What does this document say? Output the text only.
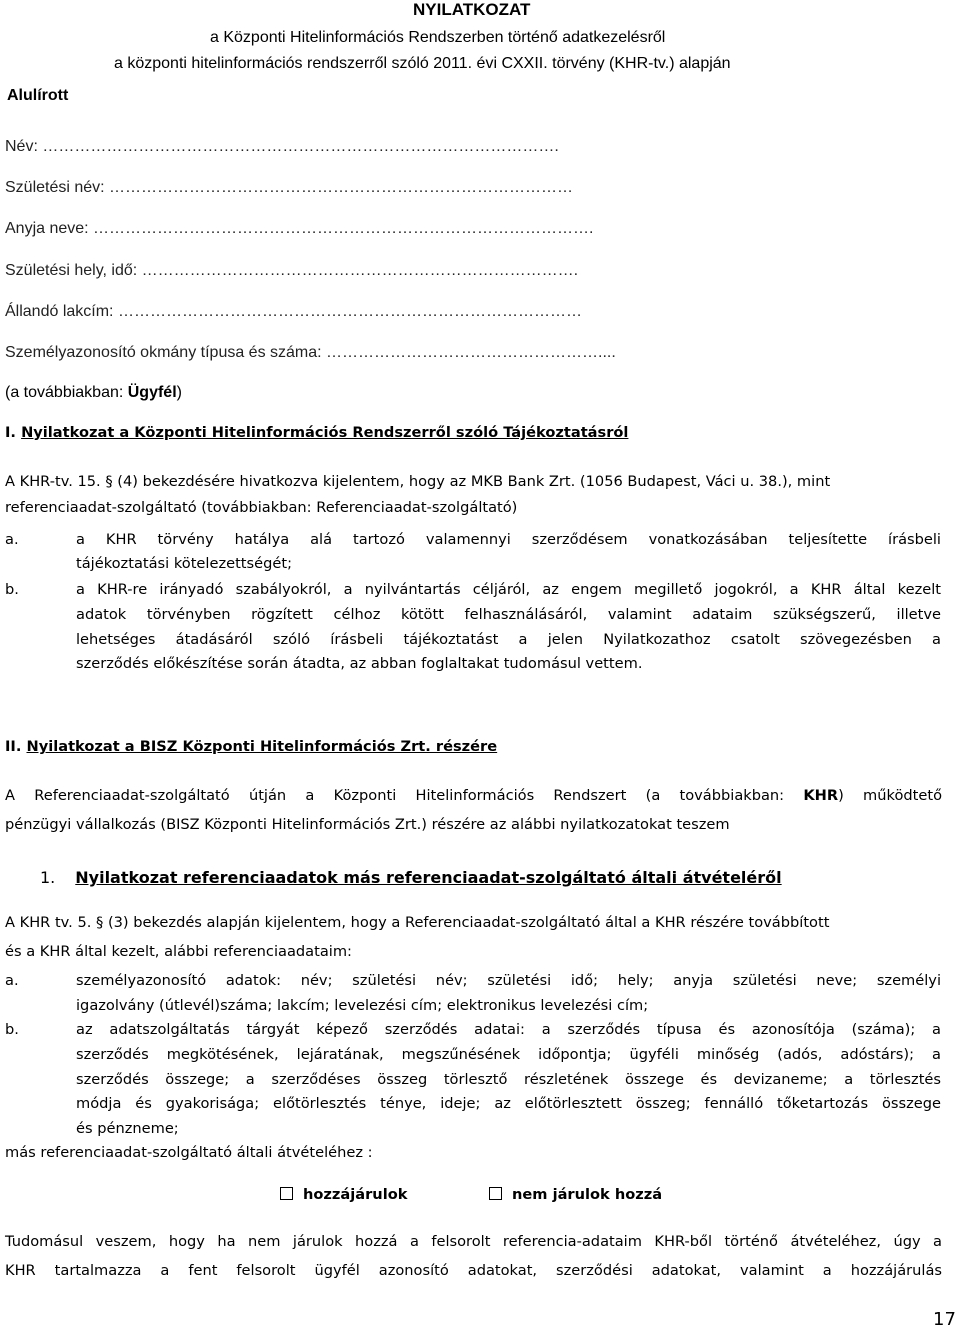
NYILATKOZAT
a Központi Hitelinformációs Rendszerben történő adatkezelésről
a központi hitelinformációs rendszerről szóló 2011. évi CXXII. törvény (KHR-tv.) alapján
Alulírott
Név: …………………………………………………………………………………….
Születési név: ……………………………………………………………………………
Anyja neve: ………………………………………………………………………………….
Születési hely, idő: ……………………………………………………………………….
Állandó lakcím: ……………………………………………………………………………
Személyazonosító okmány típusa és száma: ……………………………………………....
(a továbbiakban: Ügyfél)
I. Nyilatkozat a Központi Hitelinformációs Rendszerről szóló Tájékoztatásról
A KHR-tv. 15. § (4) bekezdésére hivatkozva kijelentem, hogy az MKB Bank Zrt. (1056 Budapest, Váci u. 38.), mint
referenciaadat-szolgáltató (továbbiakban: Referenciaadat-szolgáltató)
a.	a KHR törvény hatálya alá tartozó valamennyi szerződésem vonatkozásában teljesítette írásbeli
tájékoztatási kötelezettségét;
b.	a KHR-re irányadó szabályokról, a nyilvántartás céljáról, az engem megillető jogokról, a KHR által kezelt
adatok törvényben rögzített célhoz kötött felhasználásáról, valamint adataim szükségszerű, illetve
lehetséges átadásáról szóló írásbeli tájékoztatást a jelen Nyilatkozathoz csatolt szövegezésben a
szerződés előkészítése során átadta, az abban foglaltakat tudomásul vettem.
II. Nyilatkozat a BISZ Központi Hitelinformációs Zrt. részére
A Referenciaadat-szolgáltató útján a Központi Hitelinformációs Rendszert (a továbbiakban: KHR) működtető
pénzügyi vállalkozás (BISZ Központi Hitelinformációs Zrt.) részére az alábbi nyilatkozatokat teszem
1. Nyilatkozat referenciaadatok más referenciaadat-szolgáltató általi átvételéről
A KHR tv. 5. § (3) bekezdés alapján kijelentem, hogy a Referenciaadat-szolgáltató által a KHR részére továbbított
és a KHR által kezelt, alábbi referenciaadataim:
a.	személyazonosító adatok: név; születési név; születési idő; hely; anyja születési neve; személyi
igazolvány (útlevél)száma; lakcím; levelezési cím; elektronikus levelezési cím;
b.	az adatszolgáltatás tárgyát képező szerződés adatai: a szerződés típusa és azonosítója (száma); a
szerződés megkötésének, lejáratának, megszűnésének időpontja; ügyféli minőség (adós, adóstárs); a
szerződés összege; a szerződéses összeg törlesztő részletének összege és devizaneme; a törlesztés
módja és gyakorisága; előtörlesztés ténye, ideje; az előtörlesztett összeg; fennálló tőketartozás összege
és pénzneme;
más referenciaadat-szolgáltató általi átvételéhez :
hozzájárulok	nem járulok hozzá
Tudomásul veszem, hogy ha nem járulok hozzá a felsorolt referencia-adataim KHR-ből történő átvételéhez, úgy a
KHR tartalmazza a fent felsorolt ügyfél azonosító adatokat, szerződési adatokat, valamint a hozzájárulás
17
